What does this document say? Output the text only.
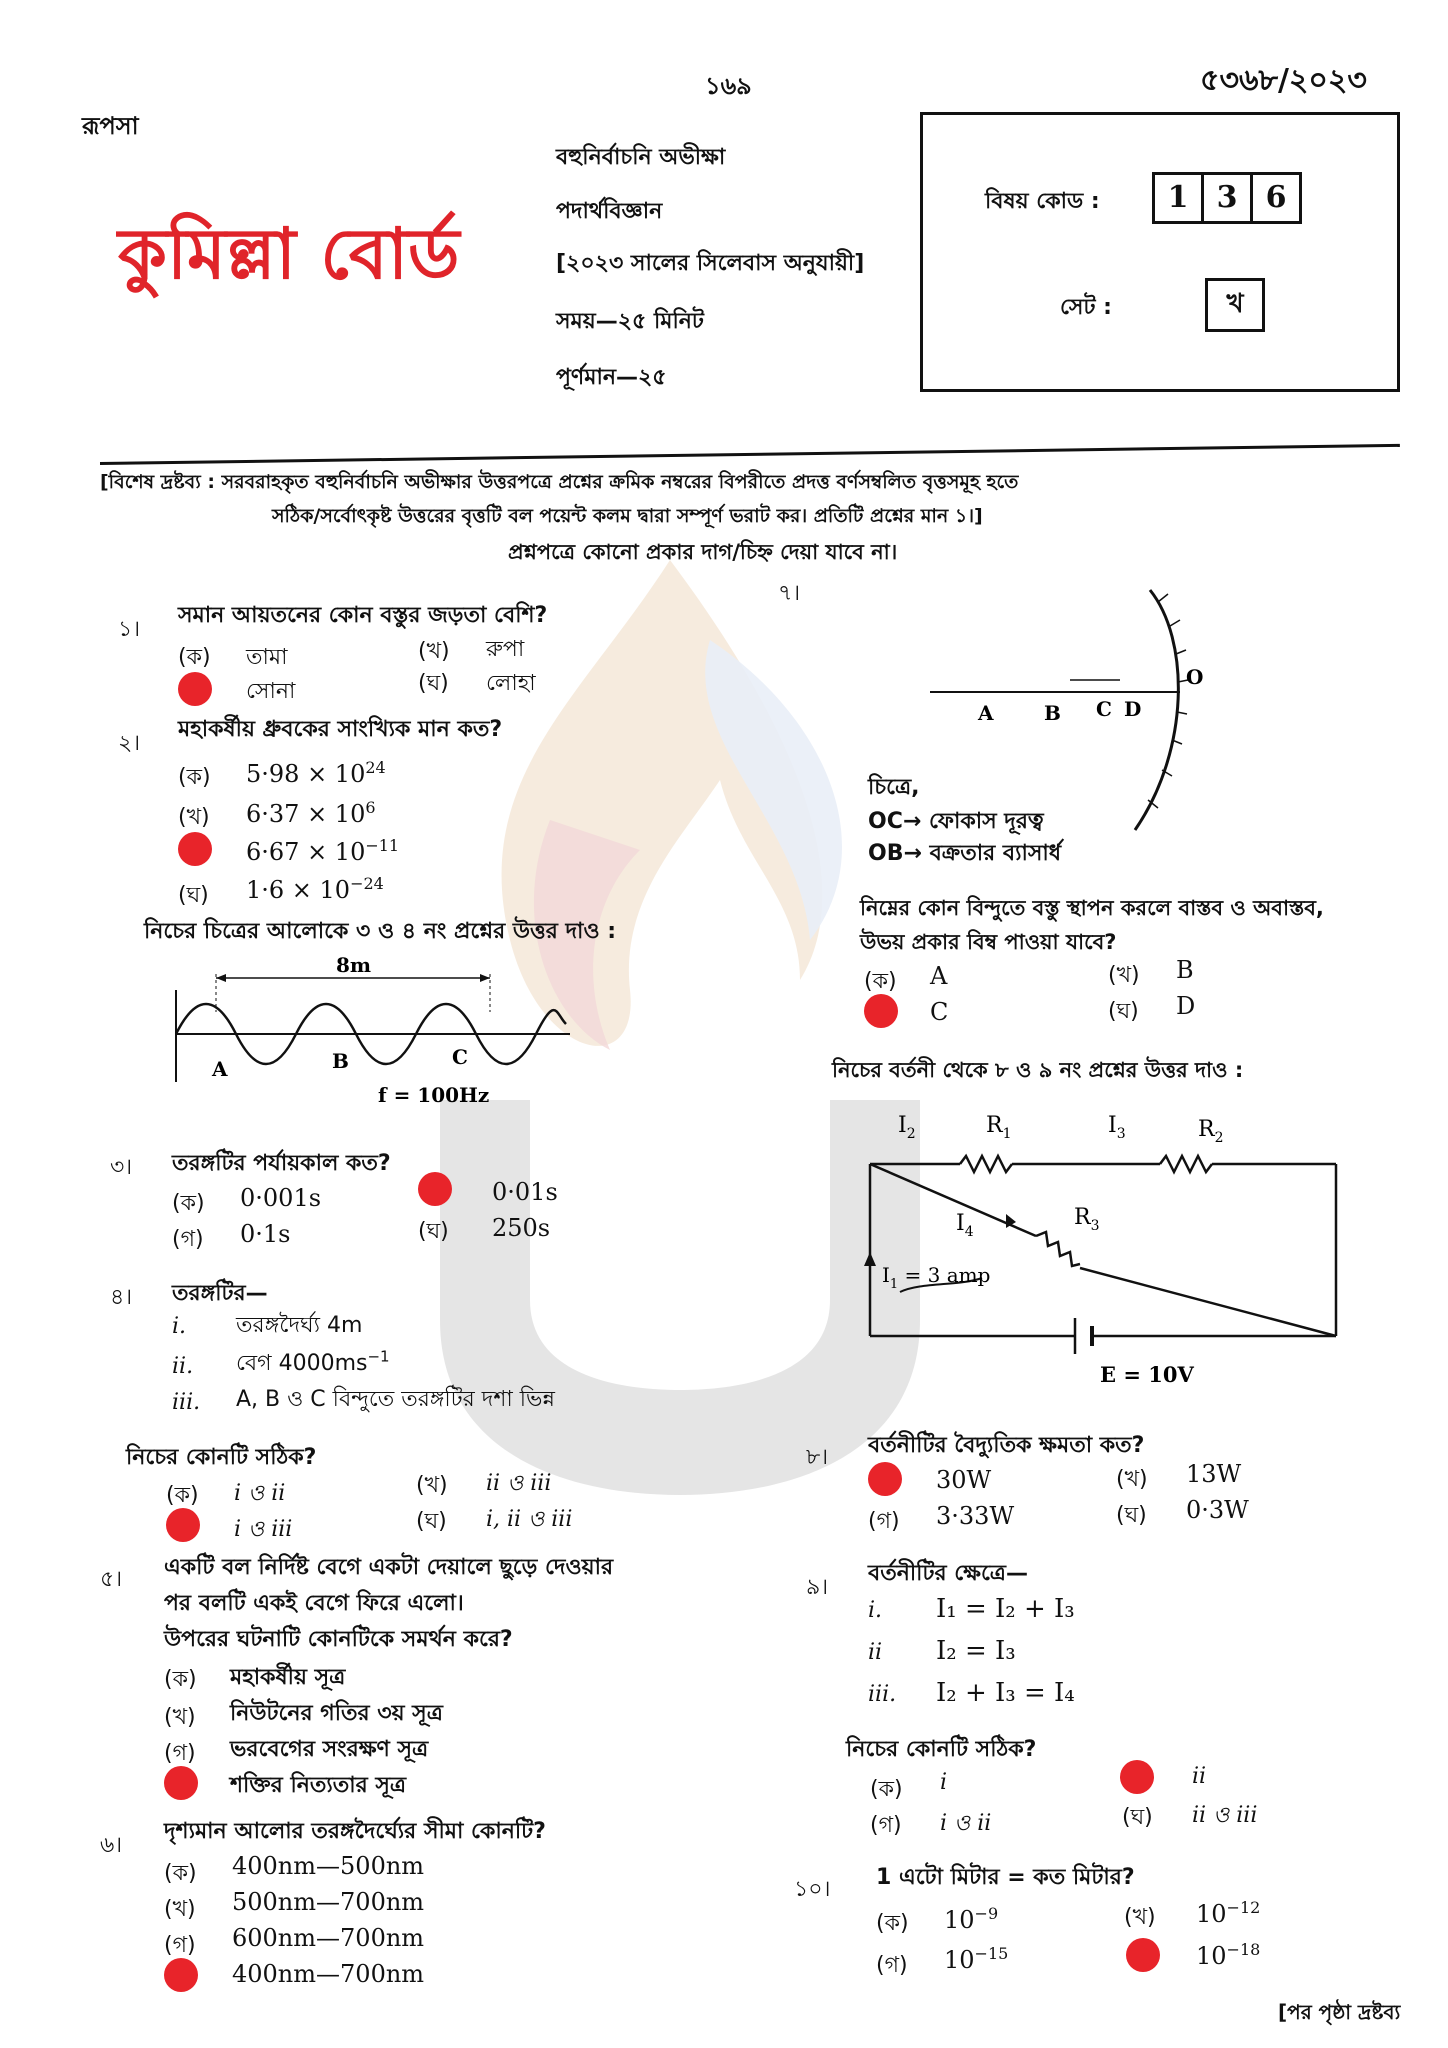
১৬৯	৫৩৬৮/২০২৩
রূপসা
কুমিল্লা বোর্ড
বহুনির্বাচনি অভীক্ষা
পদার্থবিজ্ঞান
[২০২৩ সালের সিলেবাস অনুযায়ী]
সময়—২৫ মিনিট
পূর্ণমান—২৫
বিষয় কোড :	1 3 6
সেট :	খ
[বিশেষ দ্রষ্টব্য : সরবরাহকৃত বহুনির্বাচনি অভীক্ষার উত্তরপত্রে প্রশ্নের ক্রমিক নম্বরের বিপরীতে প্রদত্ত বর্ণসম্বলিত বৃত্তসমূহ হতে
সঠিক/সর্বোৎকৃষ্ট উত্তরের বৃত্তটি বল পয়েন্ট কলম দ্বারা সম্পূর্ণ ভরাট কর। প্রতিটি প্রশ্নের মান ১।]
প্রশ্নপত্রে কোনো প্রকার দাগ/চিহ্ন দেয়া যাবে না।
১।
সমান আয়তনের কোন বস্তুর জড়তা বেশি?
(ক) তামা	(খ) রুপা
সোনা	(ঘ) লোহা
২।
মহাকর্ষীয় ধ্রুবকের সাংখ্যিক মান কত?
(ক) $5\cdot 98 \times 10^{24}$
(খ) $6\cdot 37 \times 10^6$
$6\cdot 67 \times 10^{-11}$
(ঘ) $1\cdot 6 \times 10^{-24}$
নিচের চিত্রের আলোকে ৩ ও ৪ নং প্রশ্নের উত্তর দাও :
8m
A	B	C
f = 100Hz
৩। তরঙ্গটির পর্যায়কাল কত?
(ক) 0·001s	0·01s
(গ) 0·1s	(ঘ) 250s
৪। তরঙ্গটির—
i. তরঙ্গদৈর্ঘ্য 4m
ii. বেগ $4000ms^{-1}$
iii. A, B ও C বিন্দুতে তরঙ্গটির দশা ভিন্ন
নিচের কোনটি সঠিক?
(ক) i ও ii	(খ) ii ও iii
i ও iii	(ঘ) i, ii ও iii
৫। একটি বল নির্দিষ্ট বেগে একটা দেয়ালে ছুড়ে দেওয়ার
পর বলটি একই বেগে ফিরে এলো।
উপরের ঘটনাটি কোনটিকে সমর্থন করে?
(ক) মহাকর্ষীয় সূত্র
(খ) নিউটনের গতির ৩য় সূত্র
(গ) ভরবেগের সংরক্ষণ সূত্র
শক্তির নিত্যতার সূত্র
৬।
দৃশ্যমান আলোর তরঙ্গদৈর্ঘ্যের সীমা কোনটি?
(ক) 400nm—500nm
(খ) 500nm—700nm
(গ) 600nm—700nm
400nm—700nm
৭।
O
A	B C D
চিত্রে,
OC→ ফোকাস দূরত্ব
OB→ বক্রতার ব্যাসার্ধ
নিম্নের কোন বিন্দুতে বস্তু স্থাপন করলে বাস্তব ও অবাস্তব,
উভয় প্রকার বিম্ব পাওয়া যাবে?
(ক) A	(খ) B
C	(ঘ) D
নিচের বর্তনী থেকে ৮ ও ৯ নং প্রশ্নের উত্তর দাও :
$I_2$	$R_1$	$I_3$	$R_2$
$I_4$
$R_3$
$I_1 = 3$ amp
E = 10V
৮। বর্তনীটির বৈদ্যুতিক ক্ষমতা কত?
30W	(খ) 13W
(গ) 3·33W	(ঘ) 0·3W
৯।
বর্তনীটির ক্ষেত্রে—
i. I₁ = I₂ + I₃
ii I₂ = I₃
iii. I₂ + I₃ = I₄
নিচের কোনটি সঠিক?
(ক) i	ii
(গ) i ও ii	(ঘ) ii ও iii
১০। 1 এটো মিটার = কত মিটার?
(ক) $10^{-9}$	(খ) $10^{-12}$
(গ) $10^{-15}$	$10^{-18}$
[পর পৃষ্ঠা দ্রষ্টব্য
